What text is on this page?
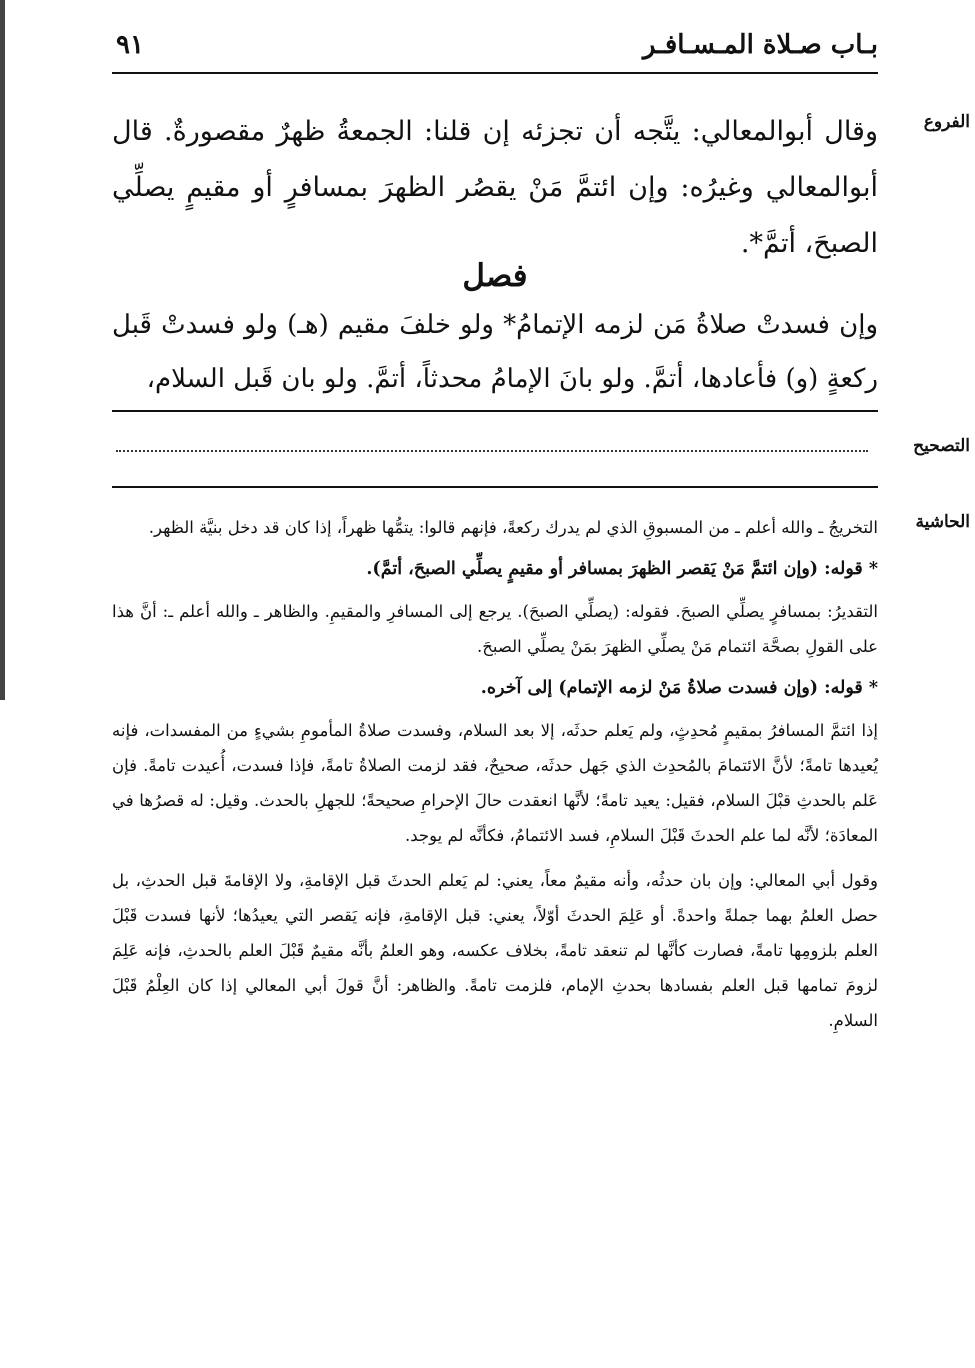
بـاب صـلاة المـسـافـر
٩١
الفروع

وقال أبوالمعالي: يتَّجه أن تجزئه إن قلنا: الجمعةُ ظهرٌ مقصورةٌ. قال أبوالمعالي وغيرُه: وإن ائتمَّ مَنْ يقصُر الظهرَ بمسافرٍ أو مقيمٍ يصلِّي الصبحَ، أتمَّ*.

فصل

وإن فسدتْ صلاةُ مَن لزمه الإتمامُ* ولو خلفَ مقيم (هـ) ولو فسدتْ قَبل ركعةٍ (و) فأعادها، أتمَّ. ولو بانَ الإمامُ محدثاً، أتمَّ. ولو بان قَبل السلام،

التصحيح
الحاشية

التخريجُ ـ والله أعلم ـ من المسبوقِ الذي لم يدرك ركعةً، فإنهم قالوا: يتمُّها ظهراً، إذا كان قد دخل بنيَّة الظهر.

* قوله: (وإن ائتمَّ مَنْ يَقصر الظهرَ بمسافر أو مقيمٍ يصلِّي الصبحَ، أتمَّ).

التقديرُ: بمسافرٍ يصلِّي الصبحَ. فقوله: (يصلِّي الصبحَ). يرجع إلى المسافرِ والمقيمِ. والظاهر ـ والله أعلم ـ: أنَّ هذا على القولِ بصحَّة ائتمام مَنْ يصلِّي الظهرَ بمَنْ يصلِّي الصبحَ.

* قوله: (وإن فسدت صلاةُ مَنْ لزمه الإتمام) إلى آخره.

إذا ائتمَّ المسافرُ بمقيمٍ مُحدِثٍ، ولم يَعلم حدثَه، إلا بعد السلام، وفسدت صلاةُ المأمومِ بشيءٍ من المفسدات، فإنه يُعيدها تامةً؛ لأنَّ الائتمامَ بالمُحدِث الذي جَهل حدثَه، صحيحٌ، فقد لزمت الصلاةُ تامةً، فإذا فسدت، أُعيدت تامةً. فإن عَلم بالحدثِ قبْلَ السلام، فقيل: يعيد تامةً؛ لأنَّها انعقدت حالَ الإحرامِ صحيحةً؛ للجهلِ بالحدث. وقيل: له قصرُها في المعادَة؛ لأنَّه لما علم الحدثَ قَبْلَ السلامِ، فسد الائتمامُ، فكأنَّه لم يوجد.

وقول أبي المعالي: وإن بان حدثُه، وأنه مقيمٌ معاً، يعني: لم يَعلم الحدثَ قبل الإقامةِ، ولا الإقامةَ قبل الحدثِ، بل حصل العلمُ بهما جملةً واحدةً. أو عَلِمَ الحدثَ أوّلاً، يعني: قبل الإقامةِ، فإنه يَقصر التي يعيدُها؛ لأنها فسدت قَبْلَ العلم بلزومِها تامةً، فصارت كأنَّها لم تنعقد تامةً، بخلاف عكسه، وهو العلمُ بأنَّه مقيمٌ قَبْلَ العلم بالحدثِ، فإنه عَلِمَ لزومَ تمامها قبل العلم بفسادها بحدثِ الإمام، فلزمت تامةً. والظاهر: أنَّ قولَ أبي المعالي إذا كان العِلْمُ قَبْلَ السلامِ.
